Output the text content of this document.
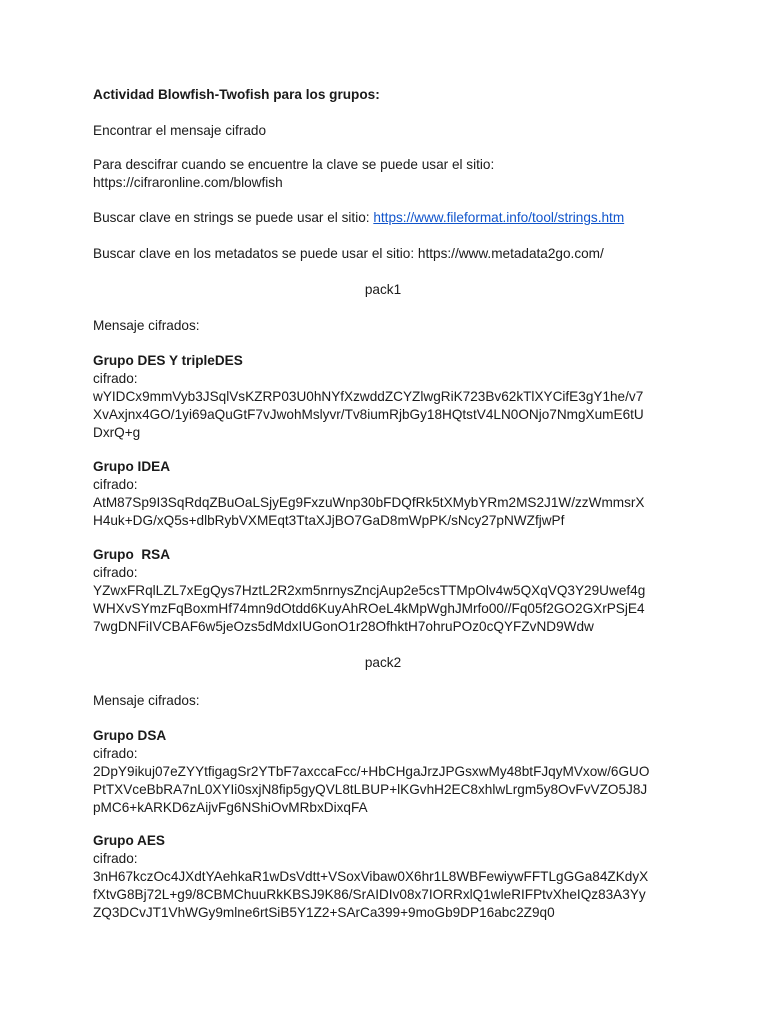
Actividad Blowfish-Twofish para los grupos:

Encontrar el mensaje cifrado

Para descifrar cuando se encuentre la clave se puede usar el sitio:

https://cifraronline.com/blowfish

Buscar clave en strings se puede usar el sitio: https://www.fileformat.info/tool/strings.htm

Buscar clave en los metadatos se puede usar el sitio: https://www.metadata2go.com/

pack1

Mensaje cifrados:

Grupo DES Y tripleDES

cifrado:

wYIDCx9mmVyb3JSqlVsKZRP03U0hNYfXzwddZCYZlwgRiK723Bv62kTlXYCifE3gY1he/v7

XvAxjnx4GO/1yi69aQuGtF7vJwohMslyvr/Tv8iumRjbGy18HQtstV4LN0ONjo7NmgXumE6tU

DxrQ+g

Grupo IDEA

cifrado:

AtM87Sp9I3SqRdqZBuOaLSjyEg9FxzuWnp30bFDQfRk5tXMybYRm2MS2J1W/zzWmmsrX

H4uk+DG/xQ5s+dlbRybVXMEqt3TtaXJjBO7GaD8mWpPK/sNcy27pNWZfjwPf

Grupo  RSA

cifrado:

YZwxFRqlLZL7xEgQys7HztL2R2xm5nrnysZncjAup2e5csTTMpOlv4w5QXqVQ3Y29Uwef4g

WHXvSYmzFqBoxmHf74mn9dOtdd6KuyAhROeL4kMpWghJMrfo00//Fq05f2GO2GXrPSjE4

7wgDNFiIVCBAF6w5jeOzs5dMdxIUGonO1r28OfhktH7ohruPOz0cQYFZvND9Wdw

pack2

Mensaje cifrados:

Grupo DSA

cifrado:

2DpY9ikuj07eZYYtfigagSr2YTbF7axccaFcc/+HbCHgaJrzJPGsxwMy48btFJqyMVxow/6GUO

PtTXVceBbRA7nL0XYIi0sxjN8fip5gyQVL8tLBUP+lKGvhH2EC8xhlwLrgm5y8OvFvVZO5J8J

pMC6+kARKD6zAijvFg6NShiOvMRbxDixqFA

Grupo AES

cifrado:

3nH67kczOc4JXdtYAehkaR1wDsVdtt+VSoxVibaw0X6hr1L8WBFewiywFFTLgGGa84ZKdyX

fXtvG8Bj72L+g9/8CBMChuuRkKBSJ9K86/SrAIDIv08x7IORRxlQ1wleRIFPtvXheIQz83A3Yy

ZQ3DCvJT1VhWGy9mlne6rtSiB5Y1Z2+SArCa399+9moGb9DP16abc2Z9q0
